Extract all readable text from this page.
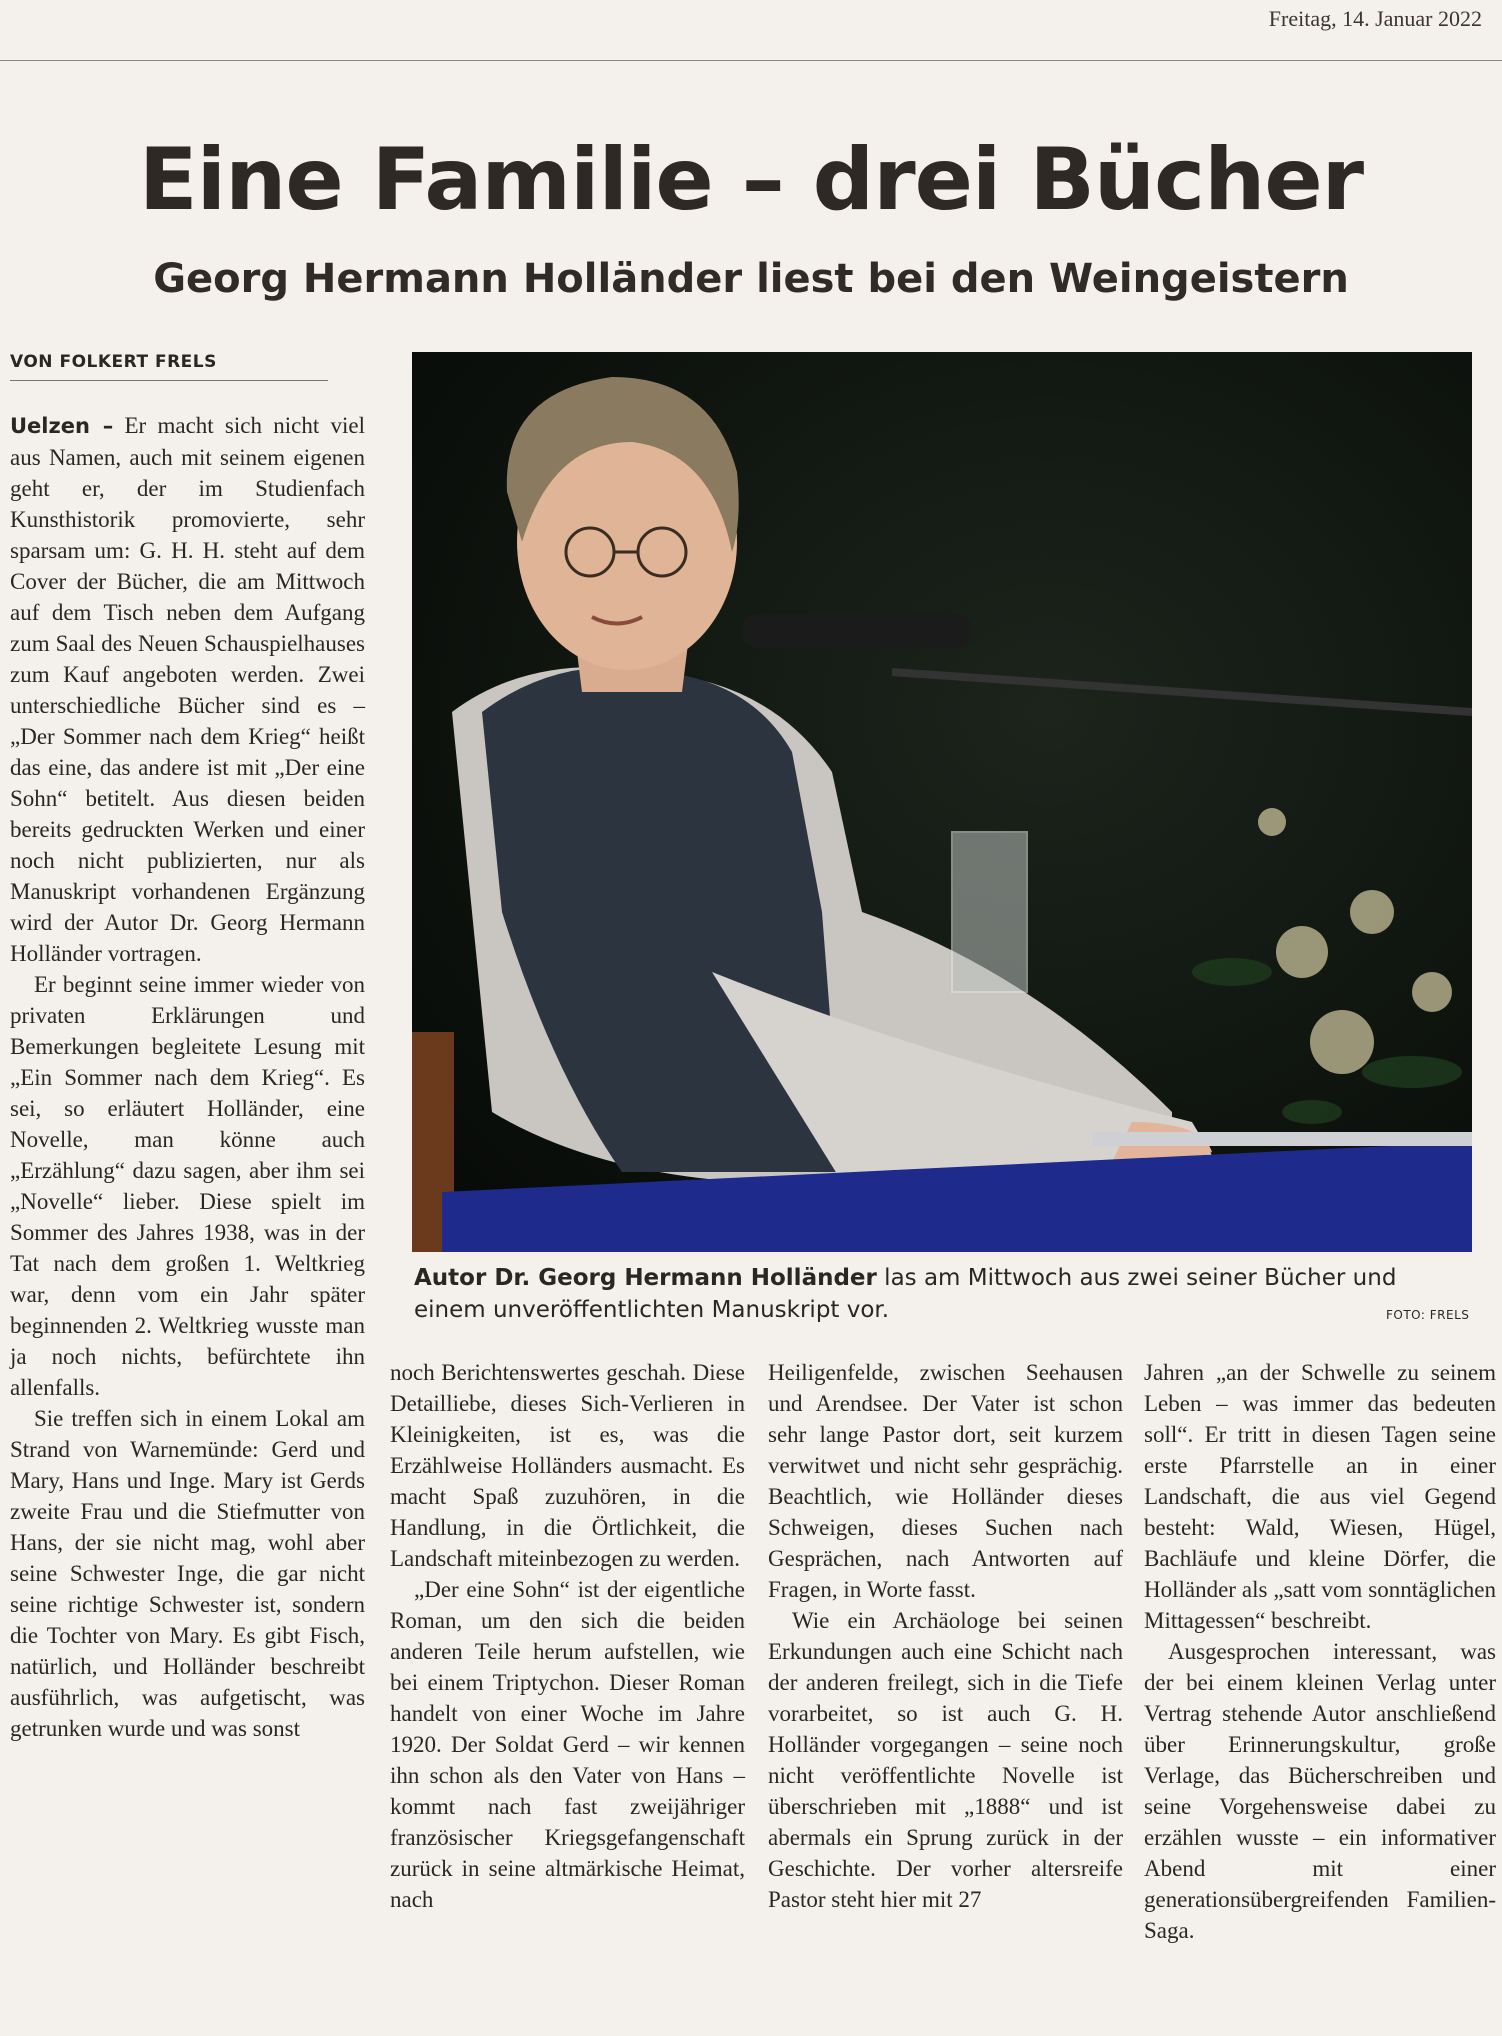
Freitag, 14. Januar 2022
Eine Familie – drei Bücher
Georg Hermann Holländer liest bei den Weingeistern
VON FOLKERT FRELS

Uelzen – Er macht sich nicht viel aus Namen, auch mit seinem eigenen geht er, der im Studienfach Kunsthistorik promovierte, sehr sparsam um: G. H. H. steht auf dem Cover der Bücher, die am Mittwoch auf dem Tisch neben dem Aufgang zum Saal des Neuen Schauspielhauses zum Kauf angeboten werden. Zwei unterschiedliche Bücher sind es – „Der Sommer nach dem Krieg“ heißt das eine, das andere ist mit „Der eine Sohn“ betitelt. Aus diesen beiden bereits gedruckten Werken und einer noch nicht publizierten, nur als Manuskript vorhandenen Ergänzung wird der Autor Dr. Georg Hermann Holländer vortragen.

Er beginnt seine immer wieder von privaten Erklärungen und Bemerkungen begleitete Lesung mit „Ein Sommer nach dem Krieg“. Es sei, so erläutert Holländer, eine Novelle, man könne auch „Erzählung“ dazu sagen, aber ihm sei „Novelle“ lieber. Diese spielt im Sommer des Jahres 1938, was in der Tat nach dem großen 1. Weltkrieg war, denn vom ein Jahr später beginnenden 2. Weltkrieg wusste man ja noch nichts, befürchtete ihn allenfalls.

Sie treffen sich in einem Lokal am Strand von Warnemünde: Gerd und Mary, Hans und Inge. Mary ist Gerds zweite Frau und die Stiefmutter von Hans, der sie nicht mag, wohl aber seine Schwester Inge, die gar nicht seine richtige Schwester ist, sondern die Tochter von Mary. Es gibt Fisch, natürlich, und Holländer beschreibt ausführlich, was aufgetischt, was getrunken wurde und was sonst

Autor Dr. Georg Hermann Holländer las am Mittwoch aus zwei seiner Bücher und einem unveröffentlichten Manuskript vor.	FOTO: FRELS

noch Berichtenswertes geschah. Diese Detailliebe, dieses Sich-Verlieren in Kleinigkeiten, ist es, was die Erzählweise Holländers ausmacht. Es macht Spaß zuzuhören, in die Handlung, in die Örtlichkeit, die Landschaft miteinbezogen zu werden.

„Der eine Sohn“ ist der eigentliche Roman, um den sich die beiden anderen Teile herum aufstellen, wie bei einem Triptychon. Dieser Roman handelt von einer Woche im Jahre 1920. Der Soldat Gerd – wir kennen ihn schon als den Vater von Hans – kommt nach fast zweijähriger französischer Kriegsgefangenschaft zurück in seine altmärkische Heimat, nach

Heiligenfelde, zwischen Seehausen und Arendsee. Der Vater ist schon sehr lange Pastor dort, seit kurzem verwitwet und nicht sehr gesprächig. Beachtlich, wie Holländer dieses Schweigen, dieses Suchen nach Gesprächen, nach Antworten auf Fragen, in Worte fasst.

Wie ein Archäologe bei seinen Erkundungen auch eine Schicht nach der anderen freilegt, sich in die Tiefe vorarbeitet, so ist auch G. H. Holländer vorgegangen – seine noch nicht veröffentlichte Novelle ist überschrieben mit „1888“ und ist abermals ein Sprung zurück in der Geschichte. Der vorher altersreife Pastor steht hier mit 27

Jahren „an der Schwelle zu seinem Leben – was immer das bedeuten soll“. Er tritt in diesen Tagen seine erste Pfarrstelle an in einer Landschaft, die aus viel Gegend besteht: Wald, Wiesen, Hügel, Bachläufe und kleine Dörfer, die Holländer als „satt vom sonntäglichen Mittagessen“ beschreibt.

Ausgesprochen interessant, was der bei einem kleinen Verlag unter Vertrag stehende Autor anschließend über Erinnerungskultur, große Verlage, das Bücherschreiben und seine Vorgehensweise dabei zu erzählen wusste – ein informativer Abend mit einer generationsübergreifenden Familien-Saga.
